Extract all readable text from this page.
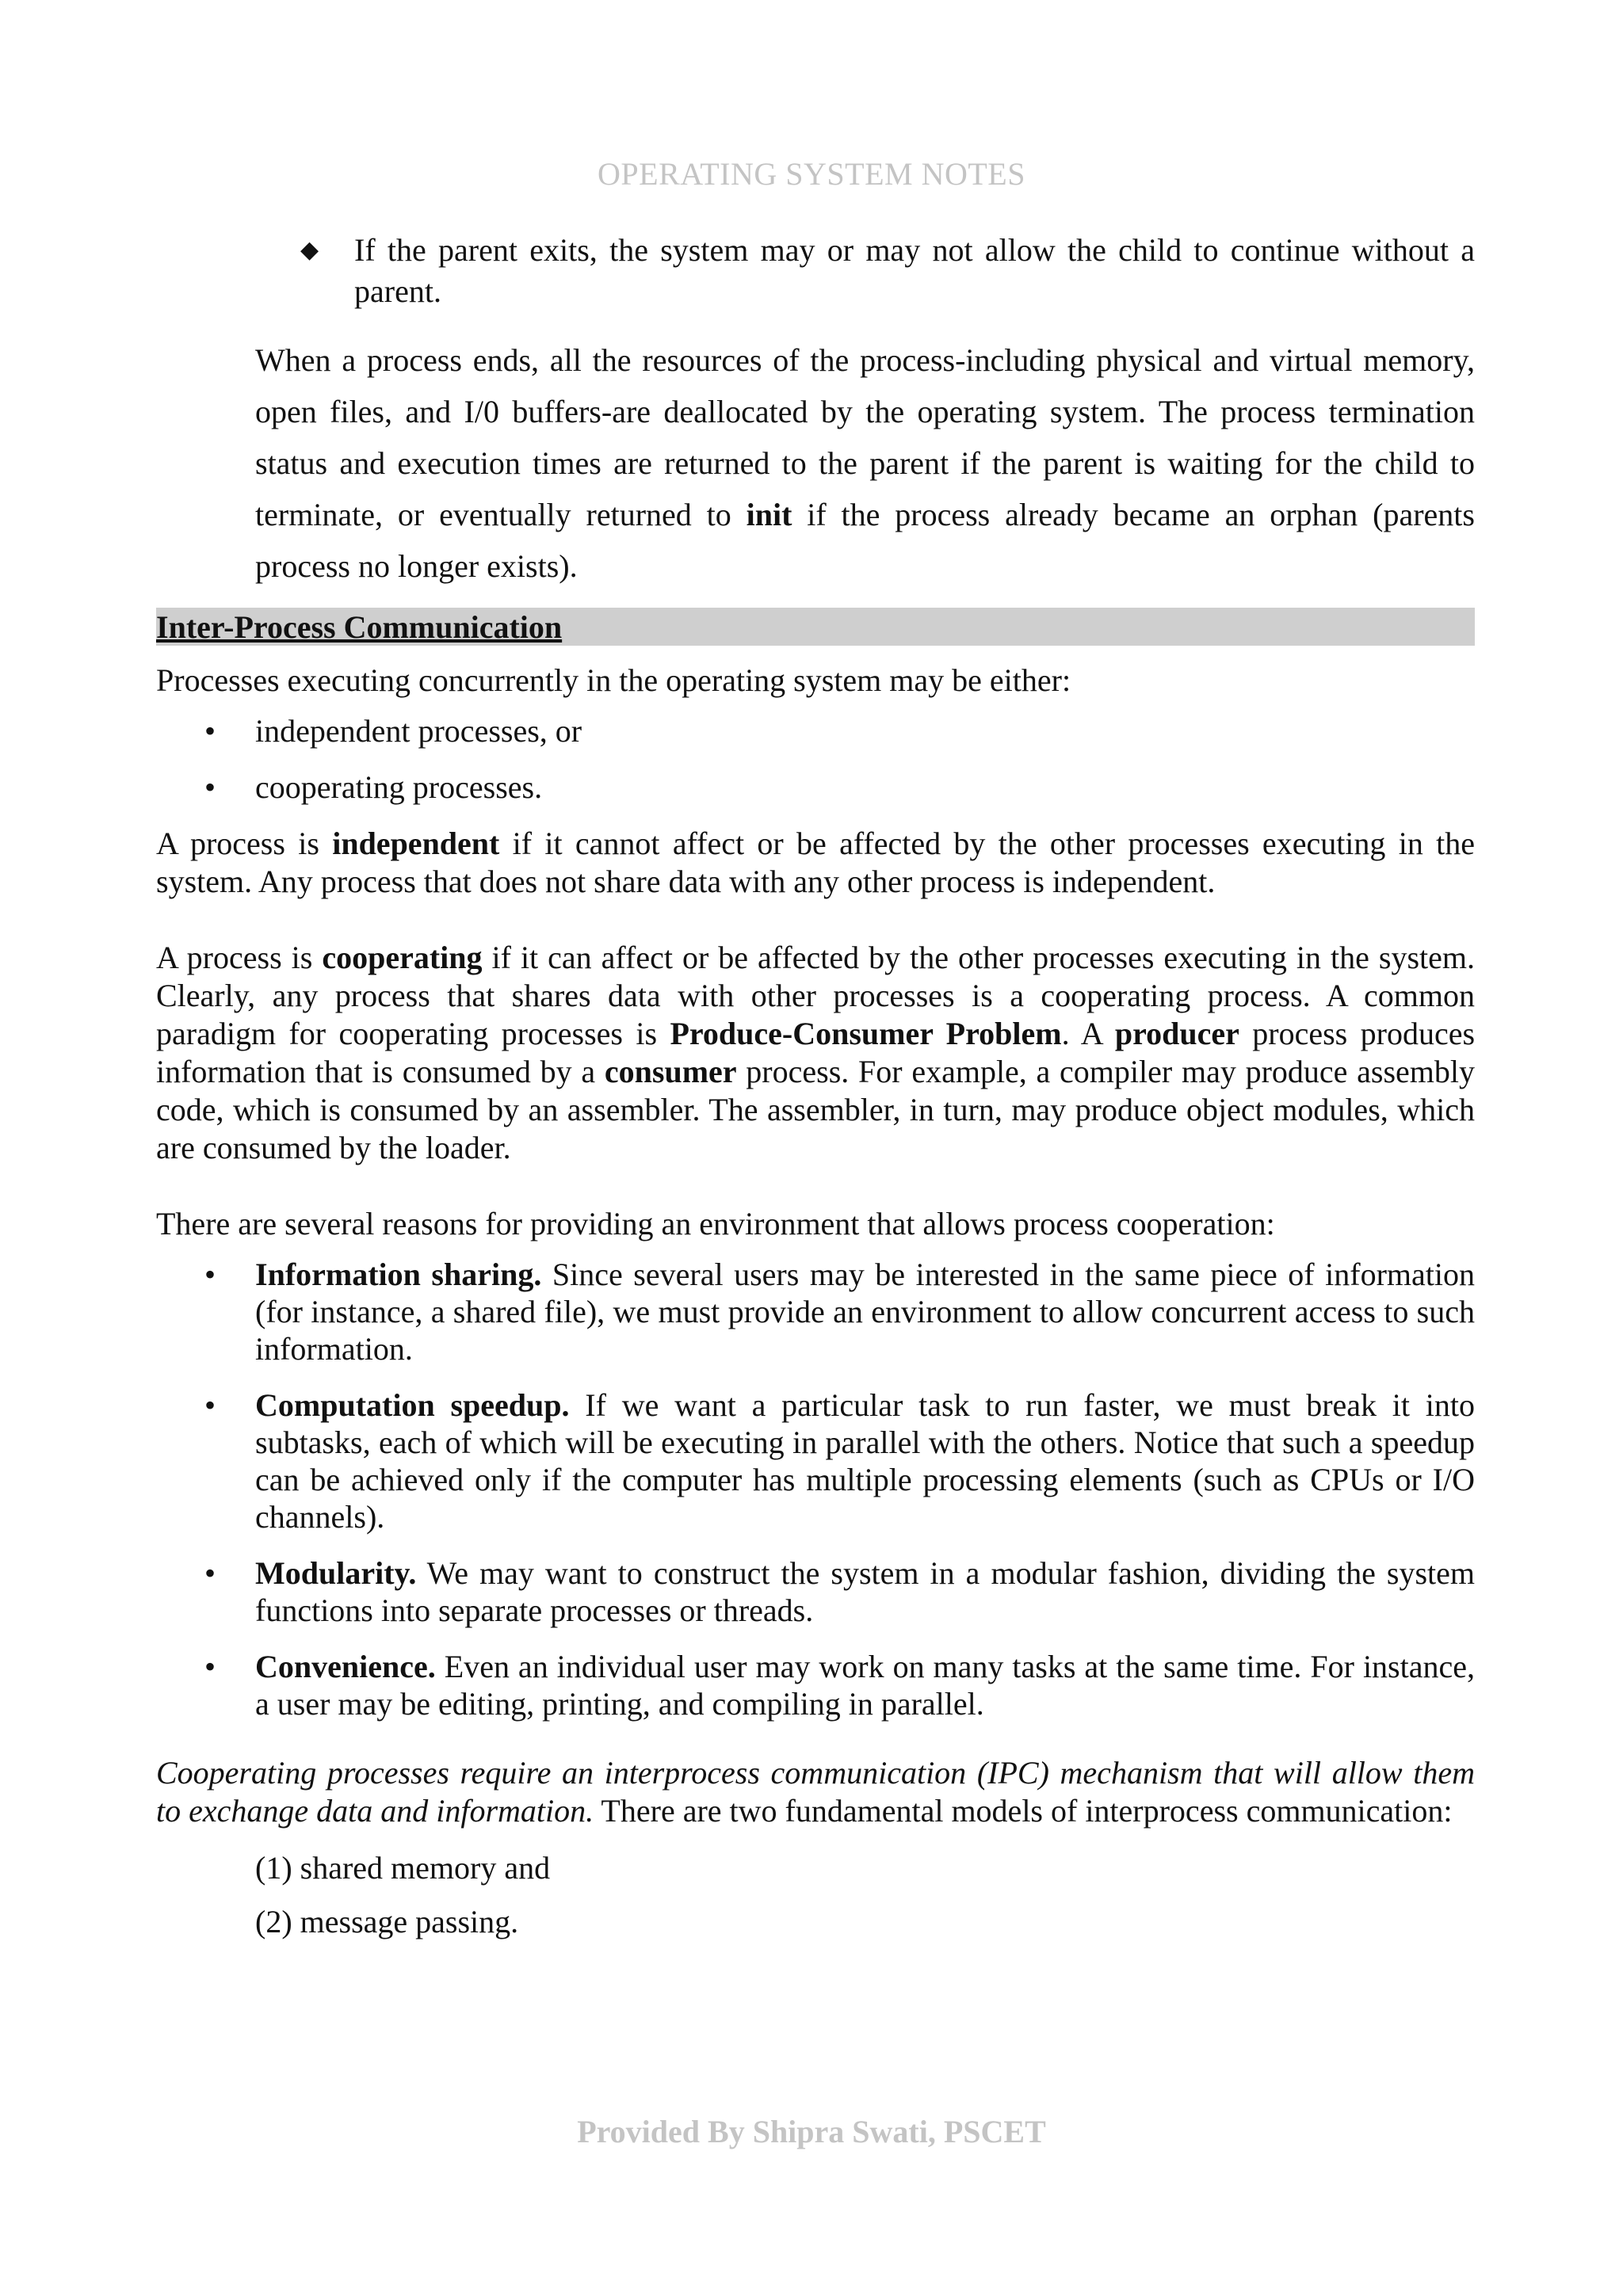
OPERATING SYSTEM NOTES
◆ If the parent exits, the system may or may not allow the child to continue without a parent.

When a process ends, all the resources of the process-including physical and virtual memory, open files, and I/0 buffers-are deallocated by the operating system. The process termination status and execution times are returned to the parent if the parent is waiting for the child to terminate, or eventually returned to init if the process already became an orphan (parents process no longer exists).

Inter-Process Communication

Processes executing concurrently in the operating system may be either:

• independent processes, or
• cooperating processes.

A process is independent if it cannot affect or be affected by the other processes executing in the system. Any process that does not share data with any other process is independent.

A process is cooperating if it can affect or be affected by the other processes executing in the system. Clearly, any process that shares data with other processes is a cooperating process. A common paradigm for cooperating processes is Produce-Consumer Problem. A producer process produces information that is consumed by a consumer process. For example, a compiler may produce assembly code, which is consumed by an assembler. The assembler, in turn, may produce object modules, which are consumed by the loader.

There are several reasons for providing an environment that allows process cooperation:

• Information sharing. Since several users may be interested in the same piece of information (for instance, a shared file), we must provide an environment to allow concurrent access to such information.
• Computation speedup. If we want a particular task to run faster, we must break it into subtasks, each of which will be executing in parallel with the others. Notice that such a speedup can be achieved only if the computer has multiple processing elements (such as CPUs or I/O channels).
• Modularity. We may want to construct the system in a modular fashion, dividing the system functions into separate processes or threads.
• Convenience. Even an individual user may work on many tasks at the same time. For instance, a user may be editing, printing, and compiling in parallel.

Cooperating processes require an interprocess communication (IPC) mechanism that will allow them to exchange data and information. There are two fundamental models of interprocess communication:

(1) shared memory and
(2) message passing.
Provided By Shipra Swati, PSCET
